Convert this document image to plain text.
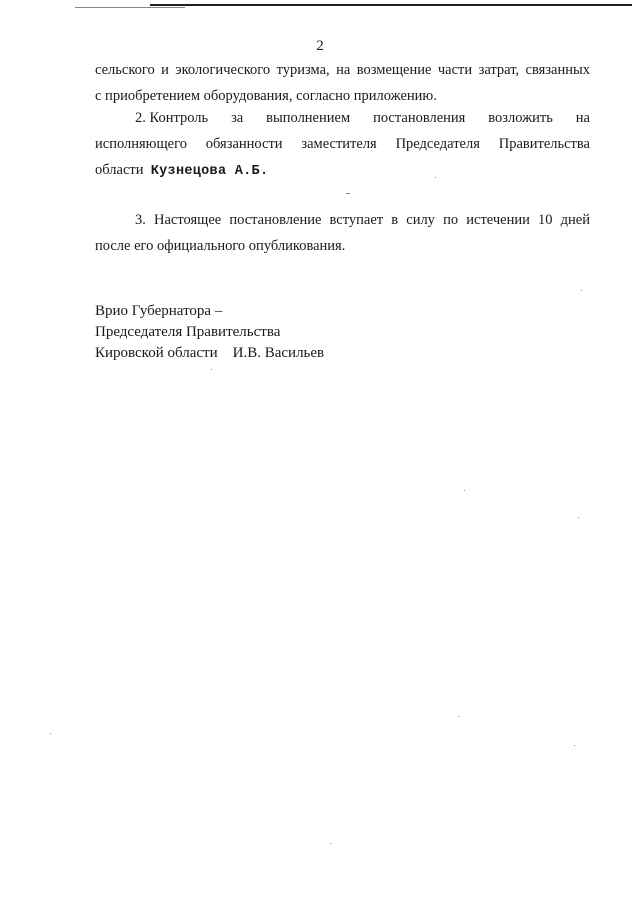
2
сельского и экологического туризма, на возмещение части затрат, связанных
с приобретением оборудования, согласно приложению.
2. Контроль за выполнением постановления возложить на
исполняющего обязанности заместителя Председателя Правительства
области Кузнецова А.Б.
3. Настоящее постановление вступает в силу по истечении 10 дней
после его официального опубликования.
Врио Губернатора –
Председателя Правительства
Кировской области    И.В. Васильев
